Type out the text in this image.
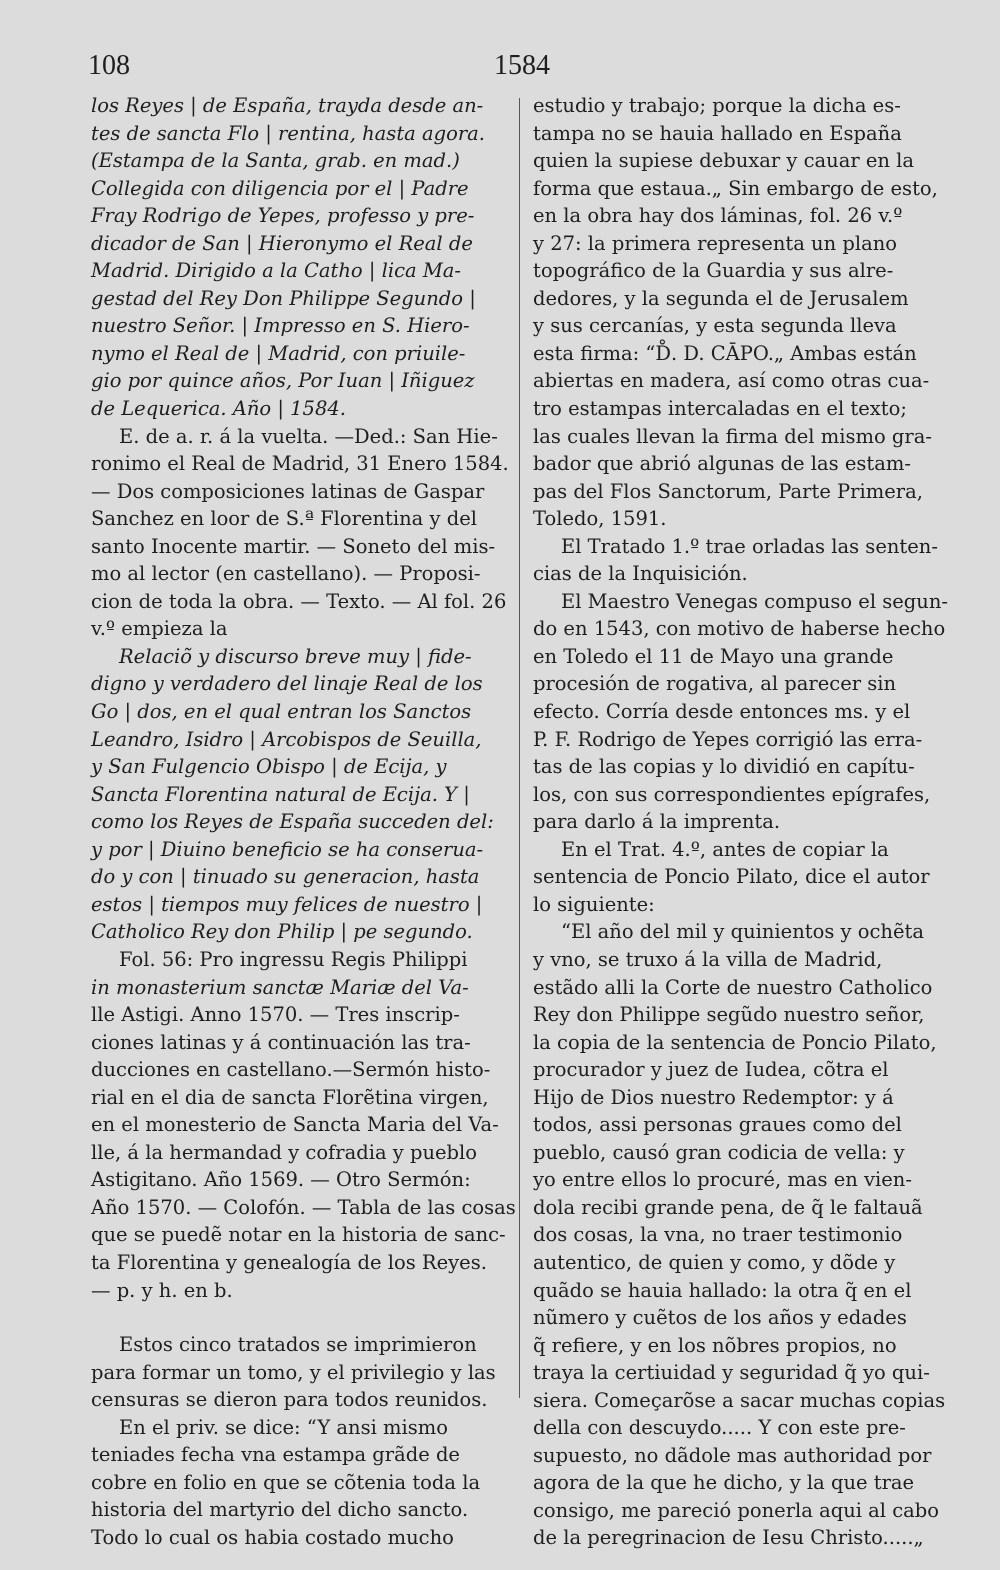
108	1584
los Reyes | de España, trayda desde an-
tes de sancta Flo | rentina, hasta agora.
(Estampa de la Santa, grab. en mad.)
Collegida con diligencia por el | Padre
Fray Rodrigo de Yepes, professo y pre-
dicador de San | Hieronymo el Real de
Madrid. Dirigido a la Catho | lica Ma-
gestad del Rey Don Philippe Segundo |
nuestro Señor. | Impresso en S. Hiero-
nymo el Real de | Madrid, con priuile-
gio por quince años, Por Iuan | Iñiguez
de Lequerica. Año | 1584.
E. de a. r. á la vuelta. —Ded.: San Hie-
ronimo el Real de Madrid, 31 Enero 1584.
— Dos composiciones latinas de Gaspar
Sanchez en loor de S.ª Florentina y del
santo Inocente martir. — Soneto del mis-
mo al lector (en castellano). — Proposi-
cion de toda la obra. — Texto. — Al fol. 26
v.º empieza la
Relaciõ y discurso breve muy | fide-
digno y verdadero del linaje Real de los
Go | dos, en el qual entran los Sanctos
Leandro, Isidro | Arcobispos de Seuilla,
y San Fulgencio Obispo | de Ecija, y
Sancta Florentina natural de Ecija. Y |
como los Reyes de España succeden del:
y por | Diuino beneficio se ha conserua-
do y con | tinuado su generacion, hasta
estos | tiempos muy felices de nuestro |
Catholico Rey don Philip | pe segundo.
Fol. 56: Pro ingressu Regis Philippi
in monasterium sanctæ Mariæ del Va-
lle Astigi. Anno 1570. — Tres inscrip-
ciones latinas y á continuación las tra-
ducciones en castellano.—Sermón histo-
rial en el dia de sancta Florẽtina virgen,
en el monesterio de Sancta Maria del Va-
lle, á la hermandad y cofradia y pueblo
Astigitano. Año 1569. — Otro Sermón:
Año 1570. — Colofón. — Tabla de las cosas
que se puedẽ notar en la historia de sanc-
ta Florentina y genealogía de los Reyes.
— p. y h. en b.
Estos cinco tratados se imprimieron
para formar un tomo, y el privilegio y las
censuras se dieron para todos reunidos.
En el priv. se dice: “Y ansi mismo
teniades fecha vna estampa grãde de
cobre en folio en que se cõtenia toda la
historia del martyrio del dicho sancto.
Todo lo cual os habia costado mucho
estudio y trabajo; porque la dicha es-
tampa no se hauia hallado en España
quien la supiese debuxar y cauar en la
forma que estaua.„ Sin embargo de esto,
en la obra hay dos láminas, fol. 26 v.º
y 27: la primera representa un plano
topográfico de la Guardia y sus alre-
dedores, y la segunda el de Jerusalem
y sus cercanías, y esta segunda lleva
esta firma: “D̊. D. CĀPO.„ Ambas están
abiertas en madera, así como otras cua-
tro estampas intercaladas en el texto;
las cuales llevan la firma del mismo gra-
bador que abrió algunas de las estam-
pas del Flos Sanctorum, Parte Primera,
Toledo, 1591.
El Tratado 1.º trae orladas las senten-
cias de la Inquisición.
El Maestro Venegas compuso el segun-
do en 1543, con motivo de haberse hecho
en Toledo el 11 de Mayo una grande
procesión de rogativa, al parecer sin
efecto. Corría desde entonces ms. y el
P. F. Rodrigo de Yepes corrigió las erra-
tas de las copias y lo dividió en capítu-
los, con sus correspondientes epígrafes,
para darlo á la imprenta.
En el Trat. 4.º, antes de copiar la
sentencia de Poncio Pilato, dice el autor
lo siguiente:
“El año del mil y quinientos y ochẽta
y vno, se truxo á la villa de Madrid,
estãdo alli la Corte de nuestro Catholico
Rey don Philippe segũdo nuestro señor,
la copia de la sentencia de Poncio Pilato,
procurador y juez de Iudea, cõtra el
Hijo de Dios nuestro Redemptor: y á
todos, assi personas graues como del
pueblo, causó gran codicia de vella: y
yo entre ellos lo procuré, mas en vien-
dola recibi grande pena, de q̃ le faltauã
dos cosas, la vna, no traer testimonio
autentico, de quien y como, y dõde y
quãdo se hauia hallado: la otra q̃ en el
nũmero y cuẽtos de los años y edades
q̃ refiere, y en los nõbres propios, no
traya la certiuidad y seguridad q̃ yo qui-
siera. Começarõse a sacar muchas copias
della con descuydo..... Y con este pre-
supuesto, no dãdole mas authoridad por
agora de la que he dicho, y la que trae
consigo, me pareció ponerla aqui al cabo
de la peregrinacion de Iesu Christo.....„
